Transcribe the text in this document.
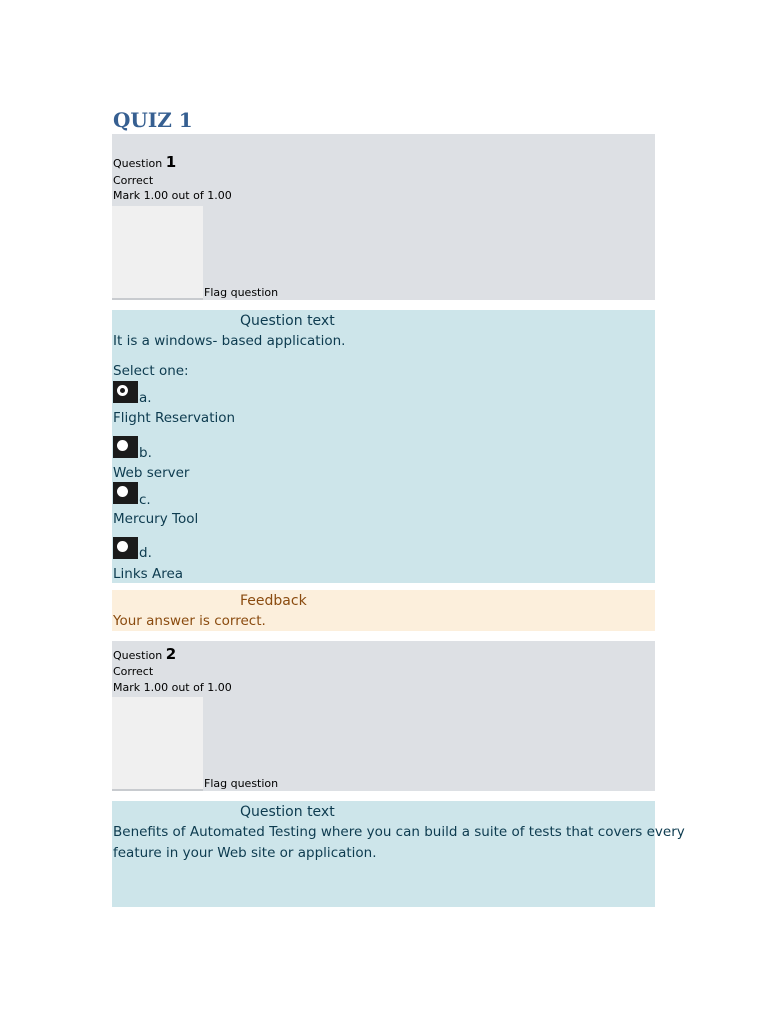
QUIZ 1
Question 1
Correct
Mark 1.00 out of 1.00
Flag question
Question text
It is a windows- based application.
Select one:
a.
Flight Reservation
b.
Web server
c.
Mercury Tool
d.
Links Area
Feedback
Your answer is correct.
Question 2
Correct
Mark 1.00 out of 1.00
Flag question
Question text
Benefits of Automated Testing where you can build a suite of tests that covers every
feature in your Web site or application.
